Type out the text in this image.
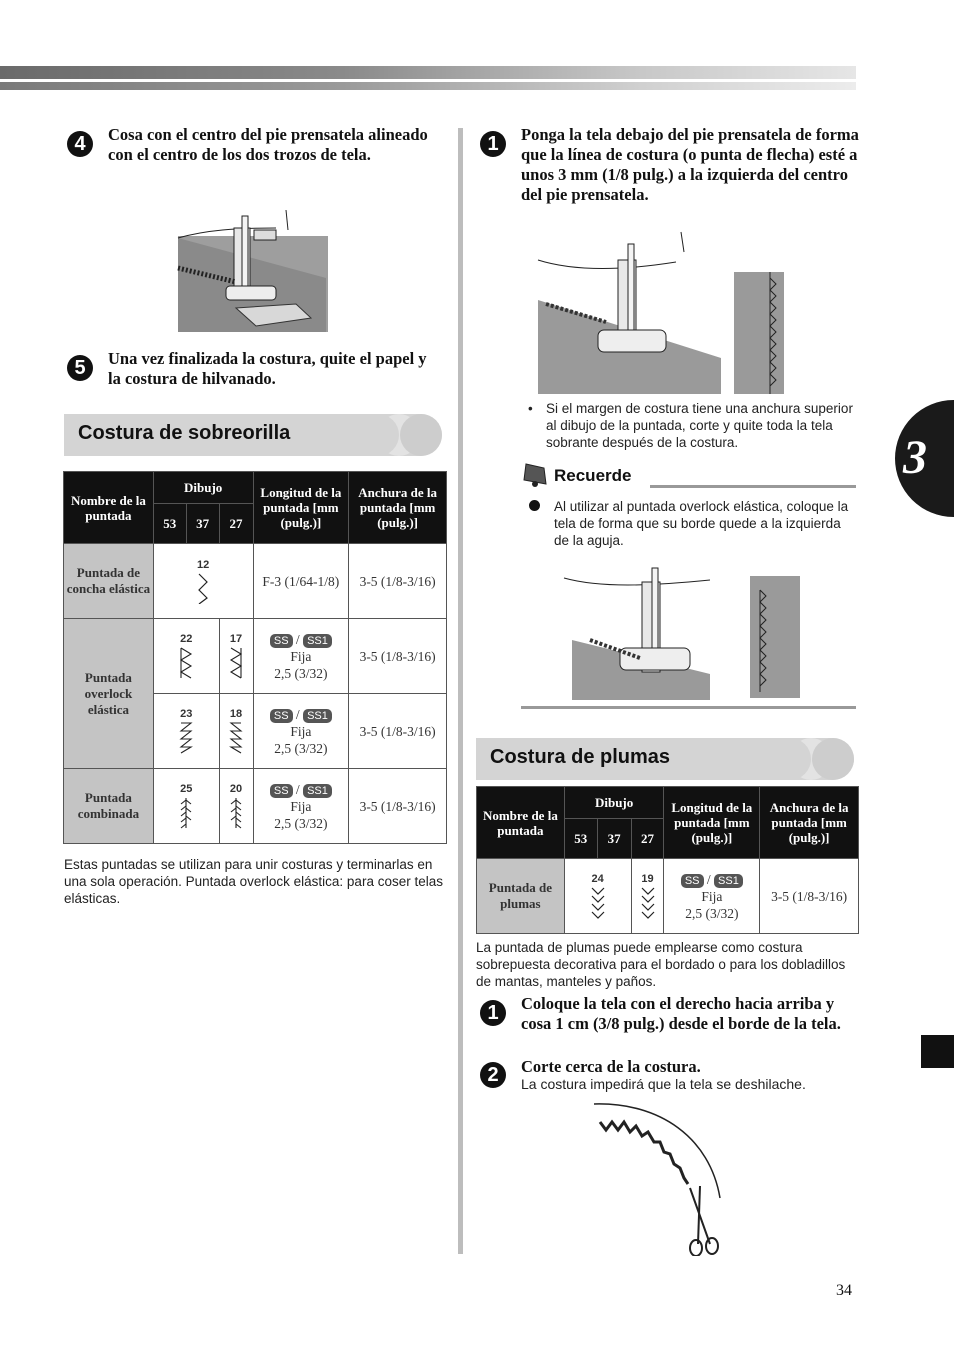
3
4	Cosa con el centro del pie prensatela alineado con el centro de los dos trozos de tela.
5	Una vez finalizada la costura, quite el papel y la costura de hilvanado.
Costura de sobreorilla
Nombre de la puntada	Dibujo			Longitud de la puntada [mm (pulg.)]	Anchura de la puntada [mm (pulg.)]
	53	37	27		
Puntada de concha elástica	12			F-3 (1/64-1/8)	3-5 (1/8-3/16)
Puntada overlock elástica	22		17	SS / SS1
Fija
2,5 (3/32)	3-5 (1/8-3/16)

	23		18	SS / SS1
Fija
2,5 (3/32)	3-5 (1/8-3/16)
Puntada combinada	25		20	SS / SS1
Fija
2,5 (3/32)	3-5 (1/8-3/16)
Estas puntadas se utilizan para unir costuras y terminarlas en una sola operación. Puntada overlock elástica: para coser telas elásticas.
1	Ponga la tela debajo del pie prensatela de forma que la línea de costura (o punta de flecha) esté a unos 3 mm (1/8 pulg.) a la izquierda del centro del pie prensatela.
• Si el margen de costura tiene una anchura superior al dibujo de la puntada, corte y quite toda la tela sobrante después de la costura.
Recuerde
Al utilizar al puntada overlock elástica, coloque la tela de forma que su borde quede a la izquierda de la aguja.
Costura de plumas
Nombre de la puntada	Dibujo			Longitud de la puntada [mm (pulg.)]	Anchura de la puntada [mm (pulg.)]
	53	37	27		
Puntada de plumas	24		19	SS / SS1
Fija
2,5 (3/32)	3-5 (1/8-3/16)
La puntada de plumas puede emplearse como costura sobrepuesta decorativa para el bordado o para los dobladillos de mantas, manteles y paños.
1	Coloque la tela con el derecho hacia arriba y cosa 1 cm (3/8 pulg.) desde el borde de la tela.
2	Corte cerca de la costura.
La costura impedirá que la tela se deshilache.
34
